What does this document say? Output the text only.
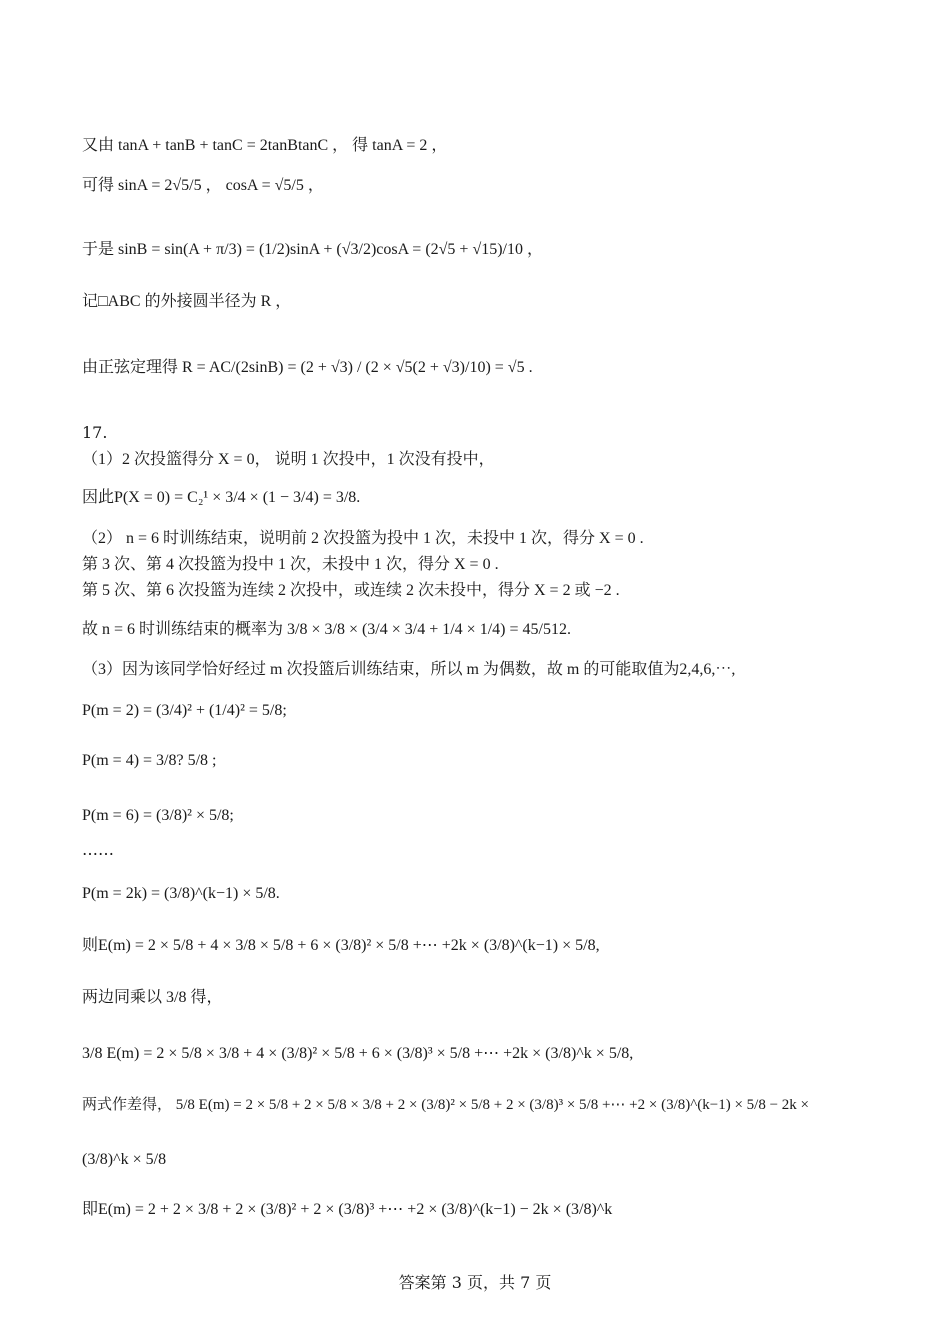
又由 tanA + tanB + tanC = 2tanBtanC ， 得 tanA = 2 ，
可得 sinA = 2√5/5 ， cosA = √5/5 ，
于是 sinB = sin(A + π/3) = (1/2)sinA + (√3/2)cosA = (2√5 + √15)/10 ，
记□ABC 的外接圆半径为 R ，
由正弦定理得 R = AC/(2sinB) = (2 + √3) / (2 × √5(2 + √3)/10) = √5 .
17.
（1）2 次投篮得分 X = 0， 说明 1 次投中，1 次没有投中，
因此P(X = 0) = C₂¹ × 3/4 × (1 − 3/4) = 3/8.
（2） n = 6 时训练结束，说明前 2 次投篮为投中 1 次，未投中 1 次，得分 X = 0 .
第 3 次、第 4 次投篮为投中 1 次，未投中 1 次，得分 X = 0 .
第 5 次、第 6 次投篮为连续 2 次投中，或连续 2 次未投中，得分 X = 2 或 −2 .
故 n = 6 时训练结束的概率为 3/8 × 3/8 × (3/4 × 3/4 + 1/4 × 1/4) = 45/512.
（3）因为该同学恰好经过 m 次投篮后训练结束，所以 m 为偶数，故 m 的可能取值为2,4,6,⋯,
P(m = 2) = (3/4)² + (1/4)² = 5/8;
P(m = 4) = 3/8? 5/8 ;
P(m = 6) = (3/8)² × 5/8;
……
P(m = 2k) = (3/8)^(k−1) × 5/8.
则E(m) = 2 × 5/8 + 4 × 3/8 × 5/8 + 6 × (3/8)² × 5/8 +⋯ +2k × (3/8)^(k−1) × 5/8,
两边同乘以 3/8 得，
3/8 E(m) = 2 × 5/8 × 3/8 + 4 × (3/8)² × 5/8 + 6 × (3/8)³ × 5/8 +⋯ +2k × (3/8)^k × 5/8,
两式作差得， 5/8 E(m) = 2 × 5/8 + 2 × 5/8 × 3/8 + 2 × (3/8)² × 5/8 + 2 × (3/8)³ × 5/8 +⋯ +2 × (3/8)^(k−1) × 5/8 − 2k ×
(3/8)^k × 5/8
即E(m) = 2 + 2 × 3/8 + 2 × (3/8)² + 2 × (3/8)³ +⋯ +2 × (3/8)^(k−1) − 2k × (3/8)^k
答案第 3 页，共 7 页
